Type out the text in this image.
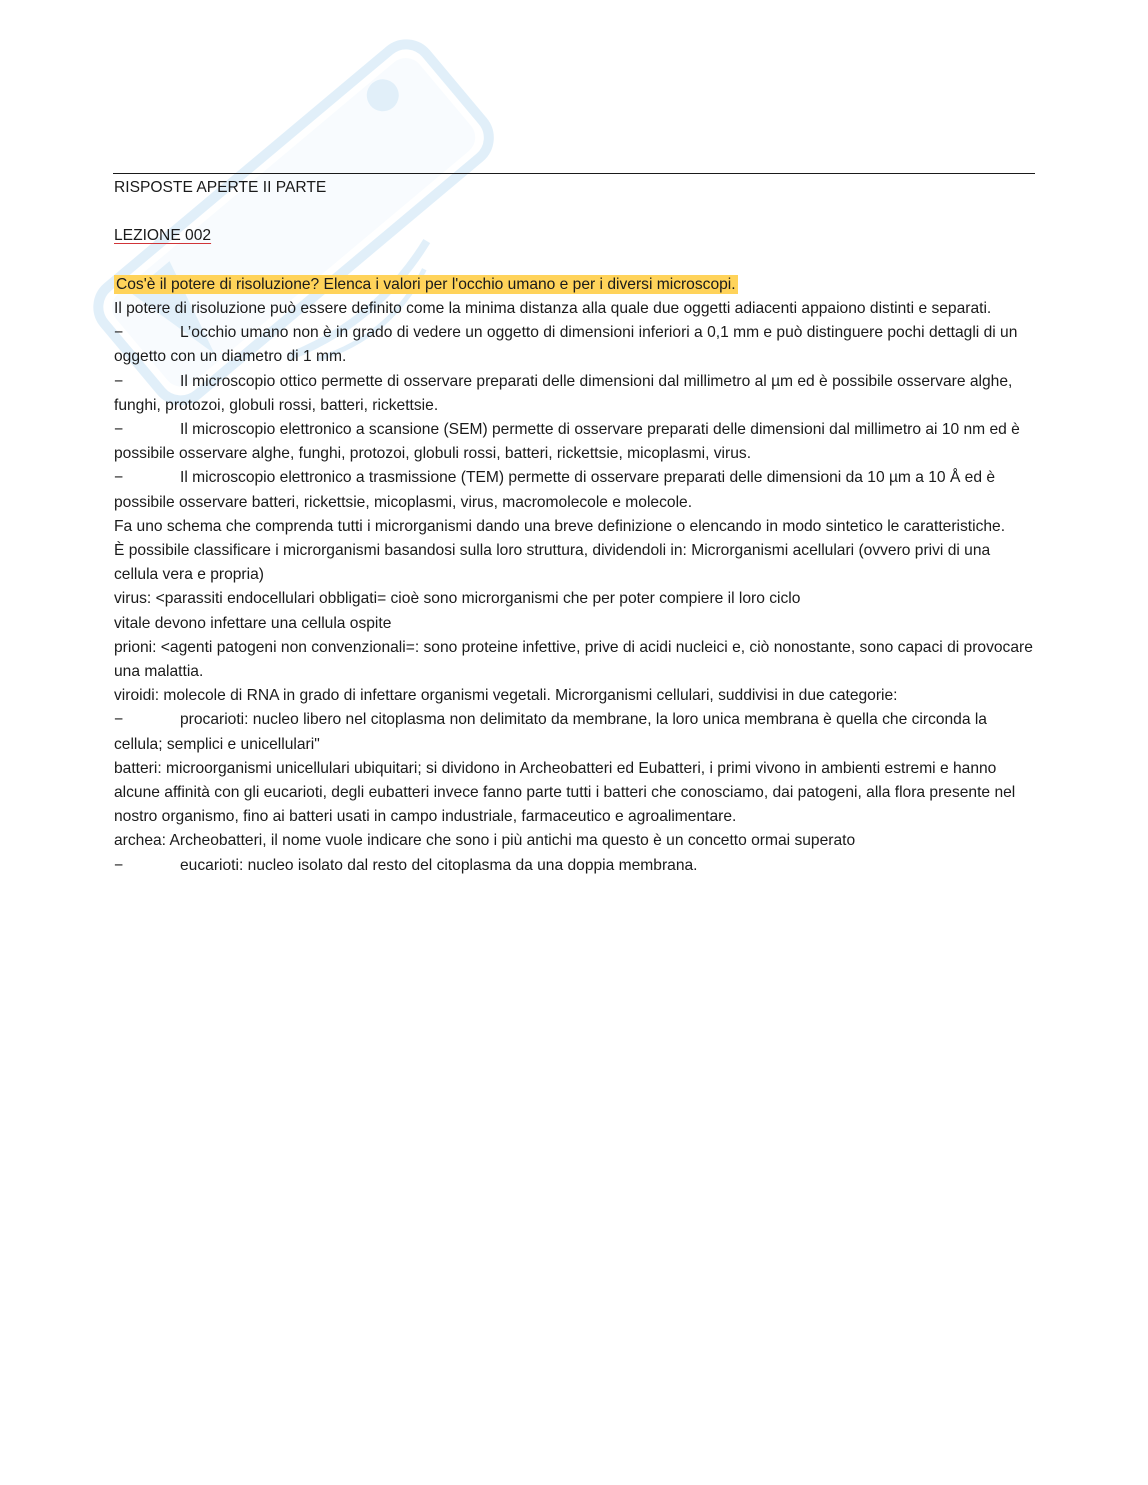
RISPOSTE APERTE II PARTE

LEZIONE 002

Cos'è il potere di risoluzione? Elenca i valori per l'occhio umano e per i diversi microscopi.

Il potere di risoluzione può essere definito come la minima distanza alla quale due oggetti adiacenti appaiono distinti e separati.

−	L’occhio umano non è in grado di vedere un oggetto di dimensioni inferiori a 0,1 mm e può distinguere pochi dettagli di un oggetto con un diametro di 1 mm.

−	Il microscopio ottico permette di osservare preparati delle dimensioni dal millimetro al µm ed è possibile osservare alghe, funghi, protozoi, globuli rossi, batteri, rickettsie.

−	Il microscopio elettronico a scansione (SEM) permette di osservare preparati delle dimensioni dal millimetro ai 10 nm ed è possibile osservare alghe, funghi, protozoi, globuli rossi, batteri, rickettsie, micoplasmi, virus.

−	Il microscopio elettronico a trasmissione (TEM) permette di osservare preparati delle dimensioni da 10 µm a 10 Å ed è possibile osservare batteri, rickettsie, micoplasmi, virus, macromolecole e molecole.

Fa uno schema che comprenda tutti i microrganismi dando una breve definizione o elencando in modo sintetico le caratteristiche.

È possibile classificare i microrganismi basandosi sulla loro struttura, dividendoli in: Microrganismi acellulari (ovvero privi di una cellula vera e propria)

virus: <parassiti endocellulari obbligati= cioè sono microrganismi che per poter compiere il loro ciclo

vitale devono infettare una cellula ospite

prioni: <agenti patogeni non convenzionali=: sono proteine infettive, prive di acidi nucleici e, ciò nonostante, sono capaci di provocare una malattia.

viroidi: molecole di RNA in grado di infettare organismi vegetali. Microrganismi cellulari, suddivisi in due categorie:

−	procarioti: nucleo libero nel citoplasma non delimitato da membrane, la loro unica membrana è quella che circonda la cellula; semplici e unicellulari"

batteri: microorganismi unicellulari ubiquitari; si dividono in Archeobatteri ed Eubatteri, i primi vivono in ambienti estremi e hanno alcune affinità con gli eucarioti, degli eubatteri invece fanno parte tutti i batteri che conosciamo, dai patogeni, alla flora presente nel nostro organismo, fino ai batteri usati in campo industriale, farmaceutico e agroalimentare.

archea: Archeobatteri, il nome vuole indicare che sono i più antichi ma questo è un concetto ormai superato

−	eucarioti: nucleo isolato dal resto del citoplasma da una doppia membrana.
